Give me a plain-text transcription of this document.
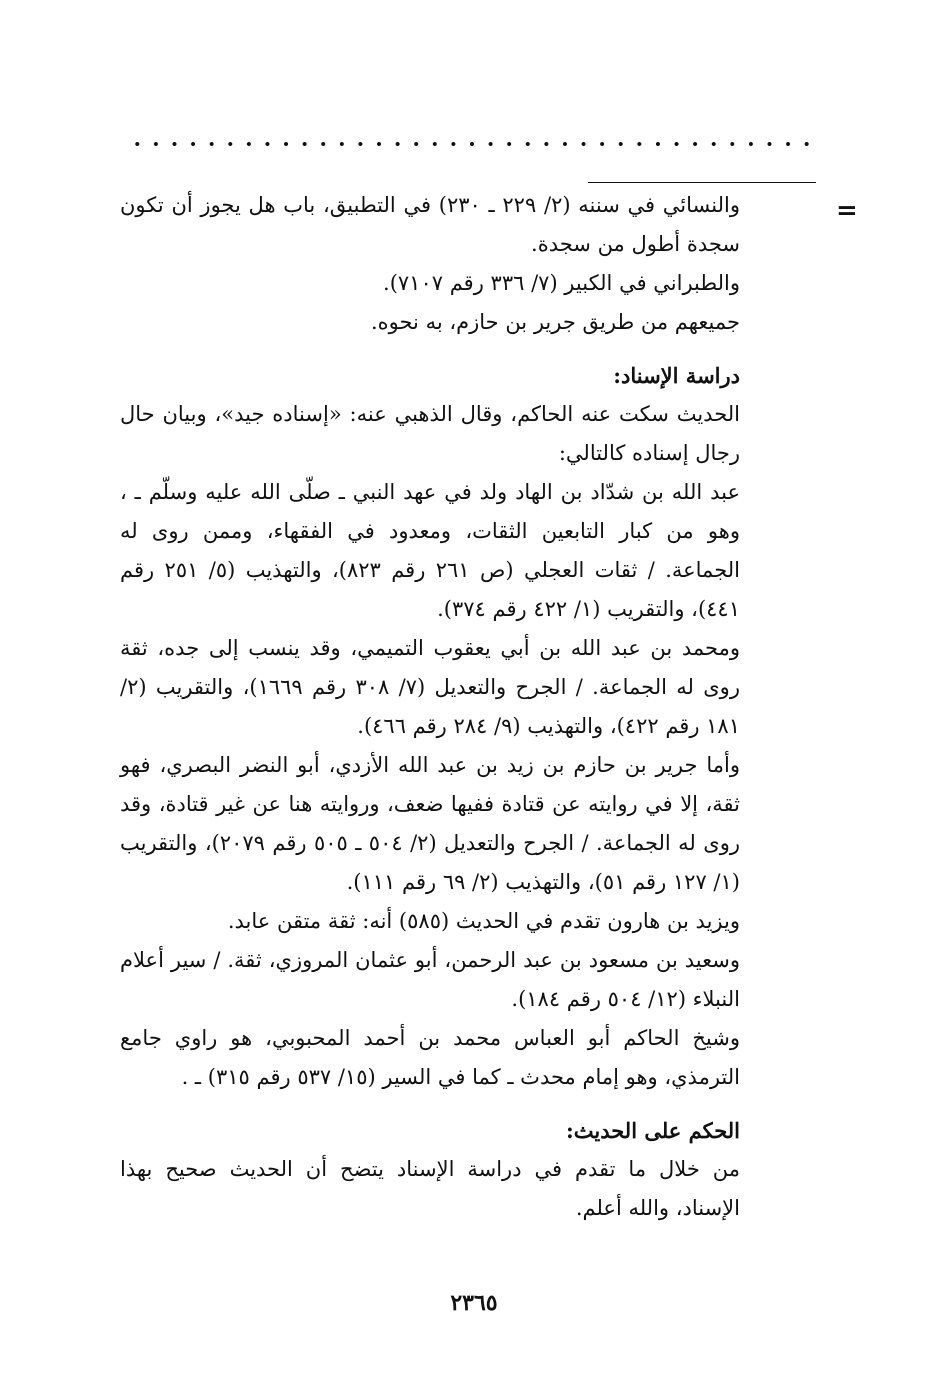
=

والنسائي في سننه (٢/ ٢٢٩ ـ ٢٣٠) في التطبيق، باب هل يجوز أن تكون سجدة أطول من سجدة.

والطبراني في الكبير (٧/ ٣٣٦ رقم ٧١٠٧).

جميعهم من طريق جرير بن حازم، به نحوه.

دراسة الإسناد:

الحديث سكت عنه الحاكم، وقال الذهبي عنه: «إسناده جيد»، وبيان حال رجال إسناده كالتالي:

عبد الله بن شدّاد بن الهاد ولد في عهد النبي ـ صلّى الله عليه وسلّم ـ ، وهو من كبار التابعين الثقات، ومعدود في الفقهاء، وممن روى له الجماعة. / ثقات العجلي (ص ٢٦١ رقم ٨٢٣)، والتهذيب (٥/ ٢٥١ رقم ٤٤١)، والتقريب (١/ ٤٢٢ رقم ٣٧٤).

ومحمد بن عبد الله بن أبي يعقوب التميمي، وقد ينسب إلى جده، ثقة روى له الجماعة. / الجرح والتعديل (٧/ ٣٠٨ رقم ١٦٦٩)، والتقريب (٢/ ١٨١ رقم ٤٢٢)، والتهذيب (٩/ ٢٨٤ رقم ٤٦٦).

وأما جرير بن حازم بن زيد بن عبد الله الأزدي، أبو النضر البصري، فهو ثقة، إلا في روايته عن قتادة ففيها ضعف، وروايته هنا عن غير قتادة، وقد روى له الجماعة. / الجرح والتعديل (٢/ ٥٠٤ ـ ٥٠٥ رقم ٢٠٧٩)، والتقريب (١/ ١٢٧ رقم ٥١)، والتهذيب (٢/ ٦٩ رقم ١١١).

ويزيد بن هارون تقدم في الحديث (٥٨٥) أنه: ثقة متقن عابد.

وسعيد بن مسعود بن عبد الرحمن، أبو عثمان المروزي، ثقة. / سير أعلام النبلاء (١٢/ ٥٠٤ رقم ١٨٤).

وشيخ الحاكم أبو العباس محمد بن أحمد المحبوبي، هو راوي جامع الترمذي، وهو إمام محدث ـ كما في السير (١٥/ ٥٣٧ رقم ٣١٥) ـ .

الحكم على الحديث:

من خلال ما تقدم في دراسة الإسناد يتضح أن الحديث صحيح بهذا الإسناد، والله أعلم.

٢٣٦٥
